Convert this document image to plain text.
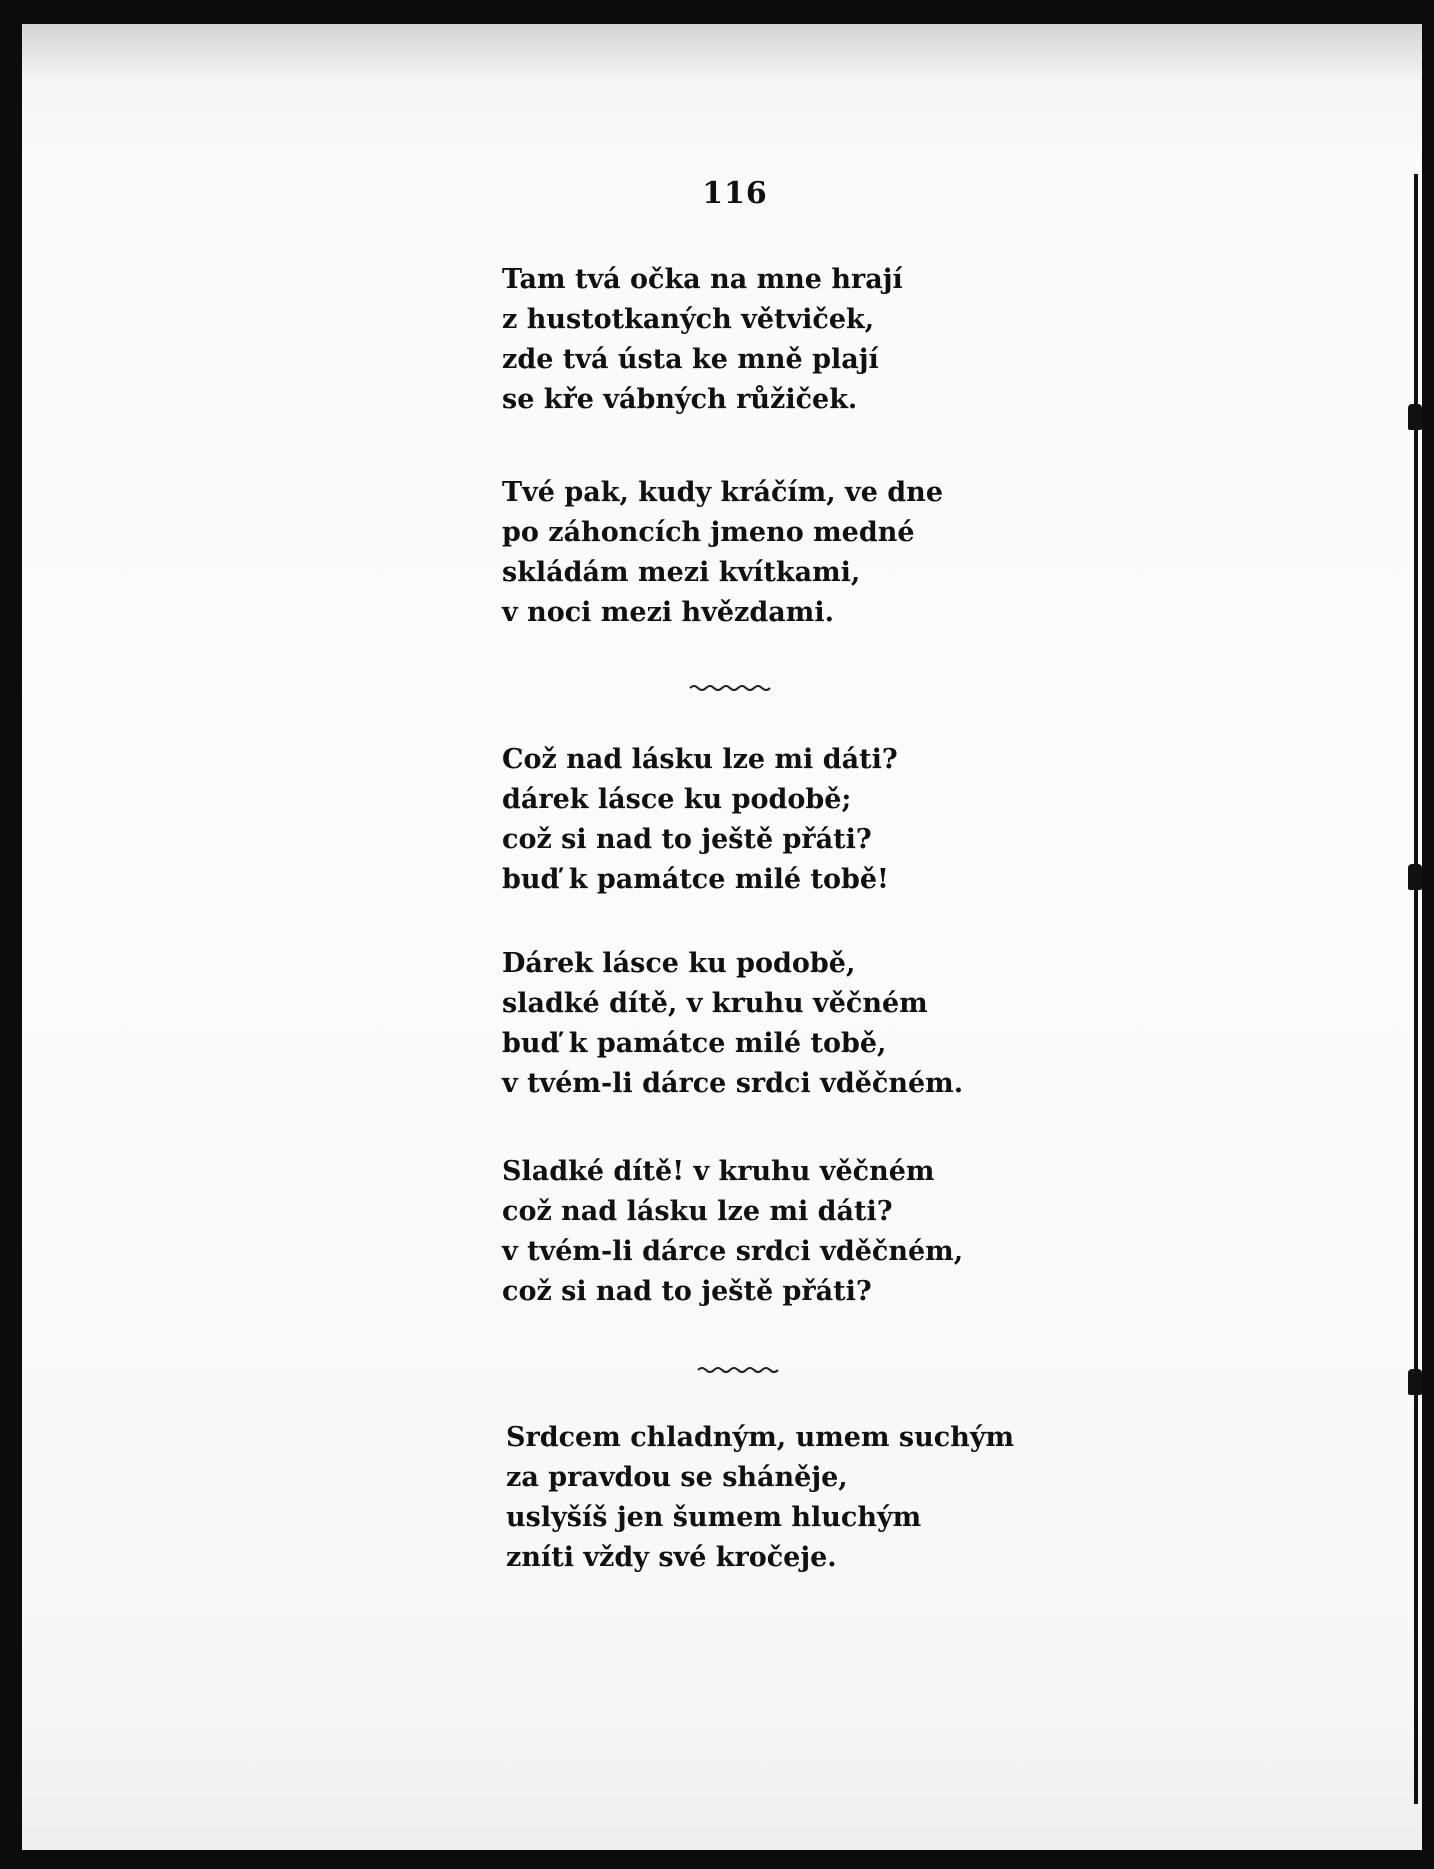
116
Tam tvá očka na mne hrají
z hustotkaných větviček,
zde tvá ústa ke mně plají
se kře vábných růžiček.
Tvé pak, kudy kráčím, ve dne
po záhoncích jmeno medné
skládám mezi kvítkami,
v noci mezi hvězdami.
Což nad lásku lze mi dáti?
dárek lásce ku podobě;
což si nad to ještě přáti?
buď k památce milé tobě!
Dárek lásce ku podobě,
sladké dítě, v kruhu věčném
buď k památce milé tobě,
v tvém-li dárce srdci vděčném.
Sladké dítě! v kruhu věčném
což nad lásku lze mi dáti?
v tvém-li dárce srdci vděčném,
což si nad to ještě přáti?
Srdcem chladným, umem suchým
za pravdou se sháněje,
uslyšíš jen šumem hluchým
zníti vždy své kročeje.
